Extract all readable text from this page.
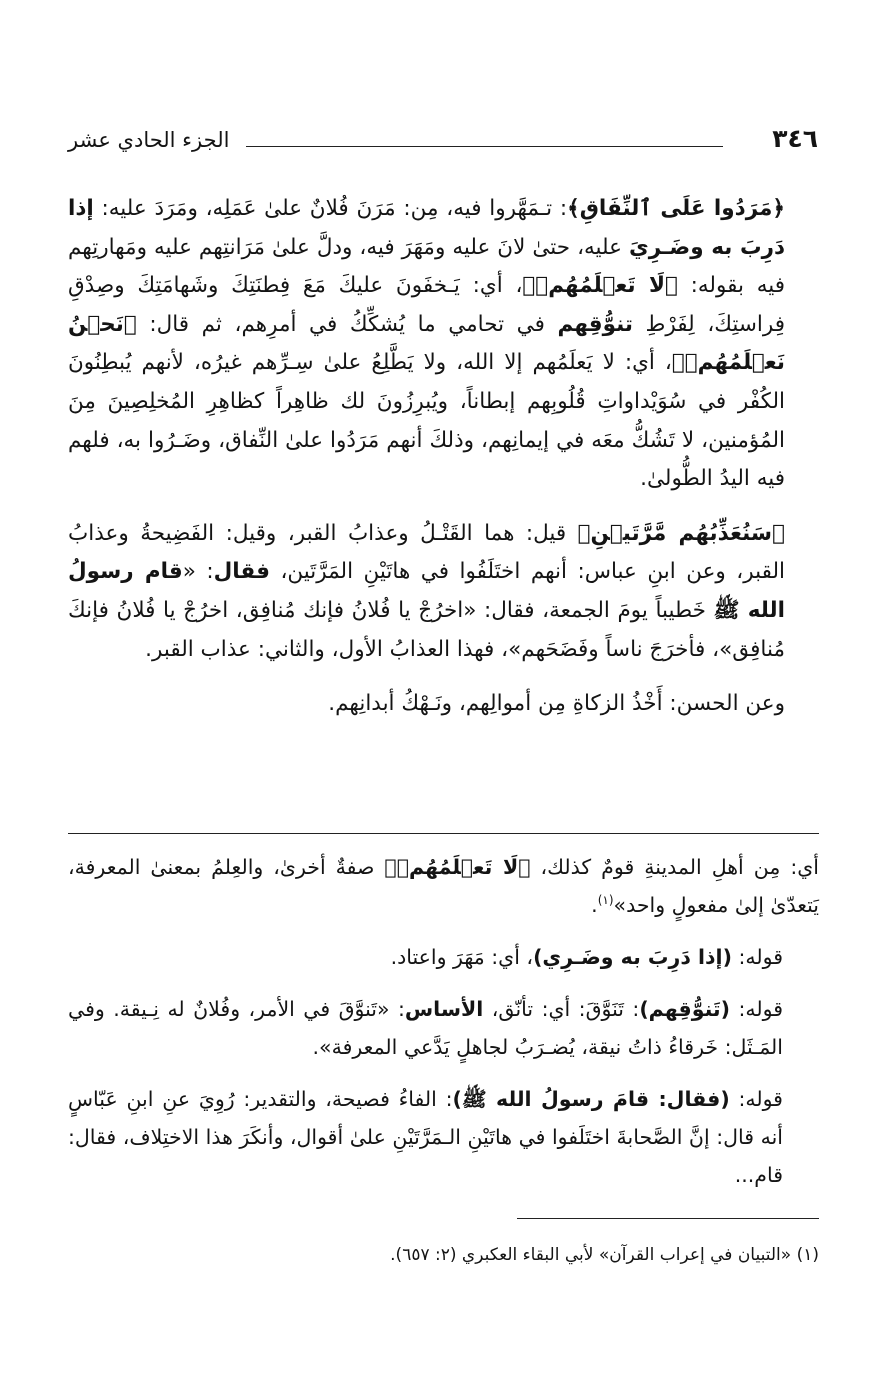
الجزء الحادي عشر	٣٤٦

﴿مَرَدُوا عَلَى ٱلنِّفَاقِ﴾: تـمَهَّروا فيه، مِن: مَرَنَ فُلانٌ علىٰ عَمَلِه، ومَرَدَ عليه: إذا دَرِبَ به وضَـرِيَ عليه، حتىٰ لانَ عليه ومَهَرَ فيه، ودلَّ علىٰ مَرَانتِهم عليه ومَهارتِهم فيه بقوله: ﴿لَا تَعۡلَمُهُمۡ﴾، أي: يَـخفَونَ عليكَ مَعَ فِطنَتِكَ وشَهامَتِكَ وصِدْقِ فِراستِكَ، لِفَرْطِ تنوُّقِهم في تحامي ما يُشكِّكُ في أمرِهم، ثم قال: ﴿نَحۡنُ نَعۡلَمُهُمۡ﴾، أي: لا يَعلَمُهم إلا الله، ولا يَطَّلِعُ علىٰ سِـرِّهم غيرُه، لأنهم يُبطِنُونَ الكُفْر في سُوَيْداواتِ قُلُوبِهم إبطاناً، ويُبرِزُونَ لك ظاهِراً كظاهِرِ المُخلِصِينَ مِنَ المُؤمنين، لا تَشُكُّ معَه في إيمانِهم، وذلكَ أنهم مَرَدُوا علىٰ النِّفاق، وضَـرُوا به، فلهم فيه اليدُ الطُّولىٰ.

﴿سَنُعَذِّبُهُم مَّرَّتَيۡنِ﴾ قيل: هما القَتْـلُ وعذابُ القبر، وقيل: الفَضِيحةُ وعذابُ القبر، وعن ابنِ عباس: أنهم اختَلَفُوا في هاتَيْنِ المَرَّتَين، فقال: «قام رسولُ الله ﷺ خَطيباً يومَ الجمعة، فقال: «اخرُجْ يا فُلانُ فإنك مُنافِق، اخرُجْ يا فُلانُ فإنكَ مُنافِق»، فأخرَجَ ناساً وفَضَحَهم»، فهذا العذابُ الأول، والثاني: عذاب القبر.

وعن الحسن: أَخْذُ الزكاةِ مِن أموالِهم، ونَـهْكُ أبدانِهم.

أي: مِن أهلِ المدينةِ قومٌ كذلك، ﴿لَا تَعۡلَمُهُمۡ﴾ صفةٌ أخرىٰ، والعِلمُ بمعنىٰ المعرفة، يَتعدّىٰ إلىٰ مفعولٍ واحد»$^{(١)}$.

قوله: (إذا دَرِبَ به وضَـرِي)، أي: مَهَرَ واعتاد.

قوله: (تَنوُّقِهم): تَنَوَّقَ: أي: تأنّق، الأساس: «تَنوَّقَ في الأمر، وفُلانٌ له نِـيقة. وفي المَـثَل: خَرقاءُ ذاتُ نيقة، يُضـرَبُ لجاهلٍ يَدَّعي المعرفة».

قوله: (فقال: قامَ رسولُ الله ﷺ): الفاءُ فصيحة، والتقدير: رُوِيَ عنِ ابنِ عَبّاسٍ أنه قال: إنَّ الصَّحابةَ اختَلَفوا في هاتَيْنِ الـمَرَّتَيْنِ علىٰ أقوال، وأنكَرَ هذا الاختِلاف، فقال: قام...

(١) «التبيان في إعراب القرآن» لأبي البقاء العكبري (٢: ٦٥٧).
